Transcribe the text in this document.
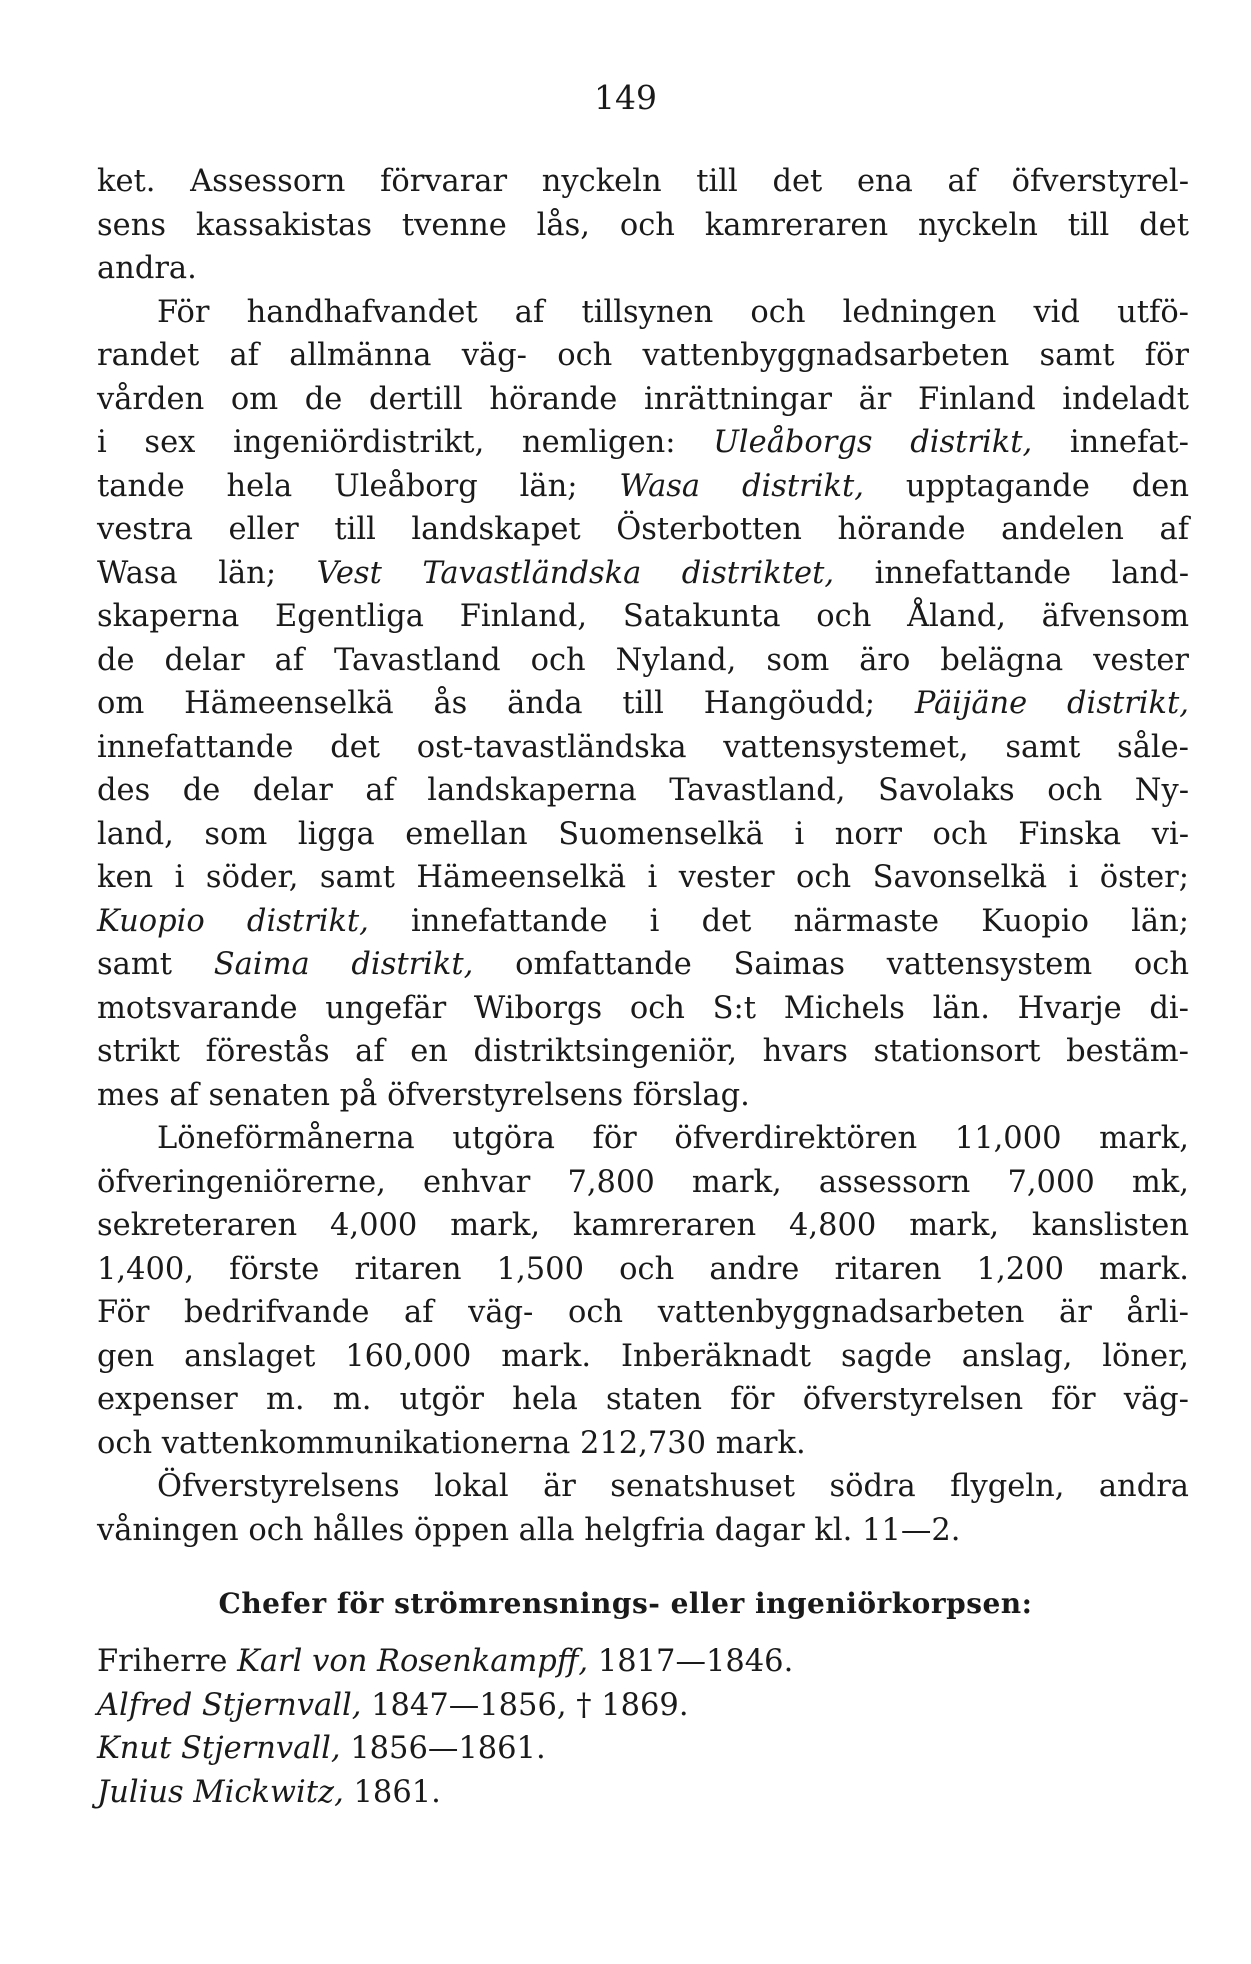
149
ket. Assessorn förvarar nyckeln till det ena af öfverstyrel-
sens kassakistas tvenne lås, och kamreraren nyckeln till det
andra.
För handhafvandet af tillsynen och ledningen vid utfö-
randet af allmänna väg- och vattenbyggnadsarbeten samt för
vården om de dertill hörande inrättningar är Finland indeladt
i sex ingeniördistrikt, nemligen: Uleåborgs distrikt, innefat-
tande hela Uleåborg län; Wasa distrikt, upptagande den
vestra eller till landskapet Österbotten hörande andelen af
Wasa län; Vest Tavastländska distriktet, innefattande land-
skaperna Egentliga Finland, Satakunta och Åland, äfvensom
de delar af Tavastland och Nyland, som äro belägna vester
om Hämeenselkä ås ända till Hangöudd; Päijäne distrikt,
innefattande det ost-tavastländska vattensystemet, samt såle-
des de delar af landskaperna Tavastland, Savolaks och Ny-
land, som ligga emellan Suomenselkä i norr och Finska vi-
ken i söder, samt Hämeenselkä i vester och Savonselkä i öster;
Kuopio distrikt, innefattande i det närmaste Kuopio län;
samt Saima distrikt, omfattande Saimas vattensystem och
motsvarande ungefär Wiborgs och S:t Michels län. Hvarje di-
strikt förestås af en distriktsingeniör, hvars stationsort bestäm-
mes af senaten på öfverstyrelsens förslag.
Löneförmånerna utgöra för öfverdirektören 11,000 mark,
öfveringeniörerne, enhvar 7,800 mark, assessorn 7,000 mk,
sekreteraren 4,000 mark, kamreraren 4,800 mark, kanslisten
1,400, förste ritaren 1,500 och andre ritaren 1,200 mark.
För bedrifvande af väg- och vattenbyggnadsarbeten är årli-
gen anslaget 160,000 mark. Inberäknadt sagde anslag, löner,
expenser m. m. utgör hela staten för öfverstyrelsen för väg-
och vattenkommunikationerna 212,730 mark.
Öfverstyrelsens lokal är senatshuset södra flygeln, andra
våningen och hålles öppen alla helgfria dagar kl. 11—2.
Chefer för strömrensnings- eller ingeniörkorpsen:
Friherre Karl von Rosenkampff, 1817—1846.
Alfred Stjernvall, 1847—1856, † 1869.
Knut Stjernvall, 1856—1861.
Julius Mickwitz, 1861.
